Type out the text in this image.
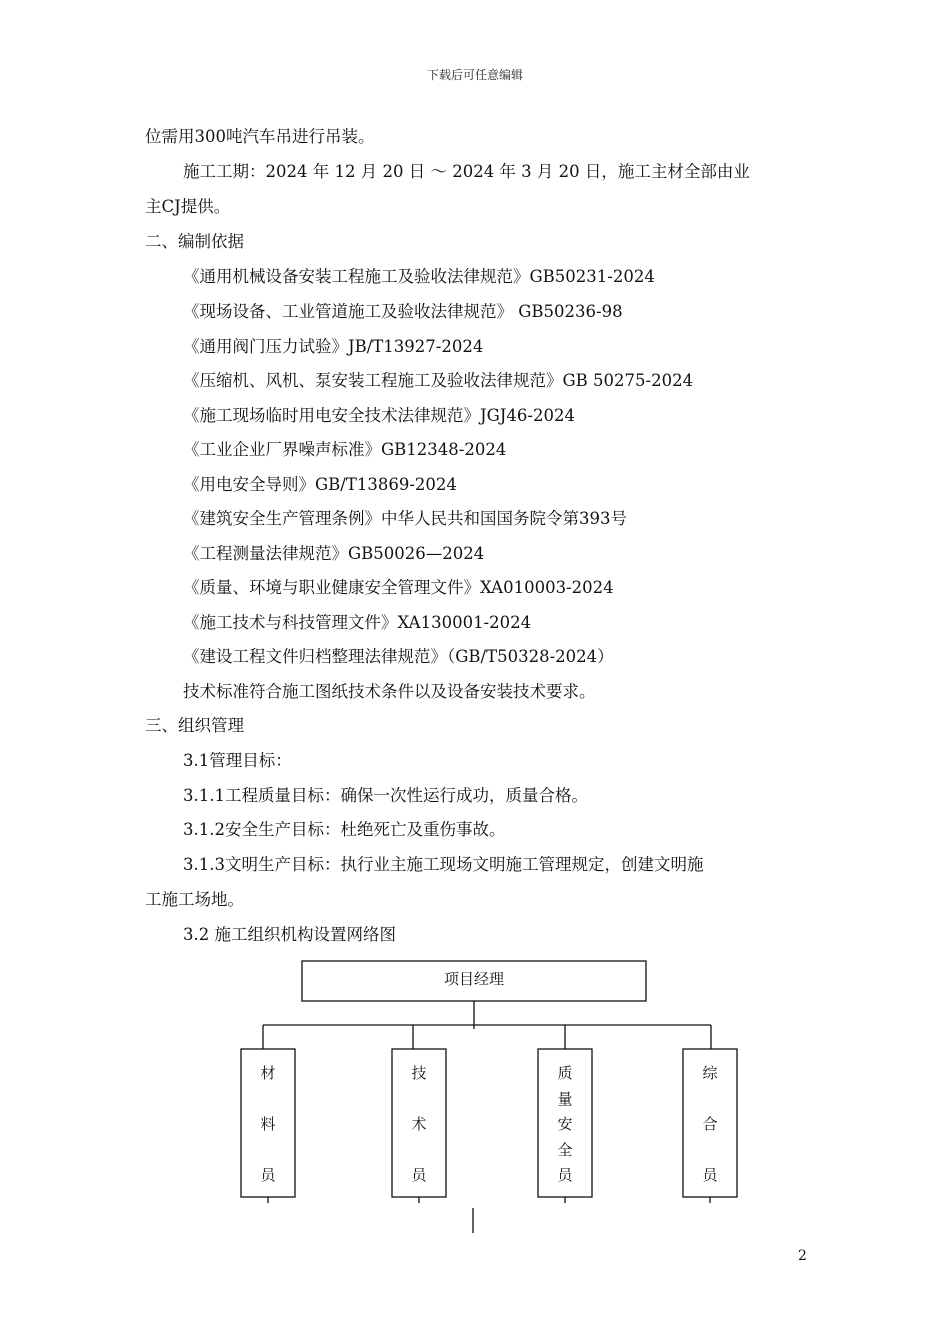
下载后可任意编辑
位需用300吨汽车吊进行吊装。
施工工期：2024 年 12 月 20 日 ～ 2024 年 3 月 20 日，施工主材全部由业
主CJ提供。
二、编制依据
《通用机械设备安装工程施工及验收法律规范》GB50231-2024
《现场设备、工业管道施工及验收法律规范》 GB50236-98
《通用阀门压力试验》JB/T13927-2024
《压缩机、风机、泵安装工程施工及验收法律规范》GB 50275-2024
《施工现场临时用电安全技术法律规范》JGJ46-2024
《工业企业厂界噪声标准》GB12348-2024
《用电安全导则》GB/T13869-2024
《建筑安全生产管理条例》中华人民共和国国务院令第393号
《工程测量法律规范》GB50026—2024
《质量、环境与职业健康安全管理文件》XA010003-2024
《施工技术与科技管理文件》XA130001-2024
《建设工程文件归档整理法律规范》（GB/T50328-2024）
技术标准符合施工图纸技术条件以及设备安装技术要求。
三、组织管理
3.1管理目标：
3.1.1工程质量目标：确保一次性运行成功，质量合格。
3.1.2安全生产目标：杜绝死亡及重伤事故。
3.1.3文明生产目标：执行业主施工现场文明施工管理规定，创建文明施
工施工场地。
3.2 施工组织机构设置网络图
项目经理
材
料
员
技
术
员
质
量
安
全
员
综
合
员
2
